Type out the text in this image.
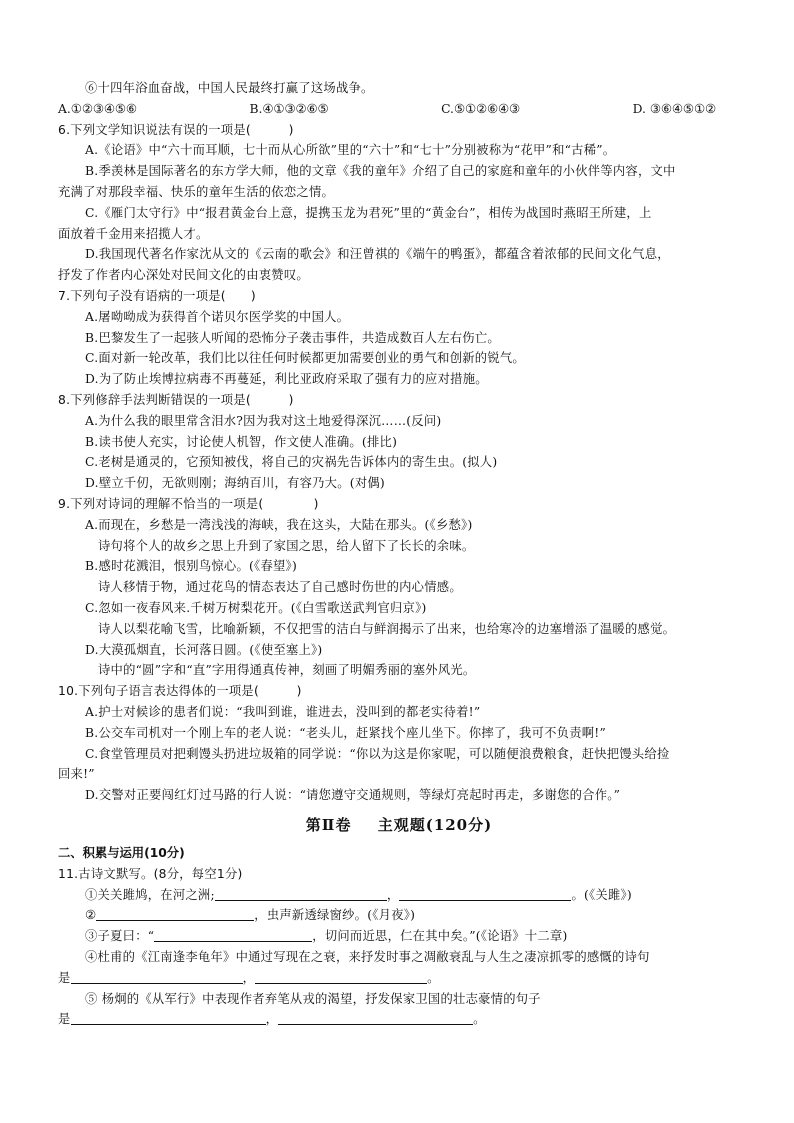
⑥十四年浴血奋战，中国人民最终打赢了这场战争。
A.①②③④⑤⑥	B.④①③②⑥⑤	C.⑤①②⑥④③	D. ③⑥④⑤①②
6.下列文学知识说法有误的一项是(　　　)
A.《论语》中“六十而耳顺，七十而从心所欲”里的“六十”和“七十”分别被称为“花甲”和“古稀”。
B.季羡林是国际著名的东方学大师，他的文章《我的童年》介绍了自己的家庭和童年的小伙伴等内容，文中
充满了对那段幸福、快乐的童年生活的依恋之情。
C.《雁门太守行》中“报君黄金台上意，提携玉龙为君死”里的“黄金台”，相传为战国时燕昭王所建，上
面放着千金用来招揽人才。
D.我国现代著名作家沈从文的《云南的歌会》和汪曾祺的《端午的鸭蛋》，都蕴含着浓郁的民间文化气息，
抒发了作者内心深处对民间文化的由衷赞叹。
7.下列句子没有语病的一项是(　　)
A.屠呦呦成为获得首个诺贝尔医学奖的中国人。
B.巴黎发生了一起骇人听闻的恐怖分子袭击事件，共造成数百人左右伤亡。
C.面对新一轮改革，我们比以往任何时候都更加需要创业的勇气和创新的锐气。
D.为了防止埃博拉病毒不再蔓延，利比亚政府采取了强有力的应对措施。
8.下列修辞手法判断错误的一项是(　　　)
A.为什么我的眼里常含泪水?因为我对这土地爱得深沉……(反问)
B.读书使人充实，讨论使人机智，作文使人准确。(排比)
C.老树是通灵的，它预知被伐，将自己的灾祸先告诉体内的寄生虫。(拟人)
D.壁立千仞，无欲则刚；海纳百川，有容乃大。(对偶)
9.下列对诗词的理解不恰当的一项是(　　　　)
A.而现在，乡愁是一湾浅浅的海峡，我在这头，大陆在那头。(《乡愁》)
诗句将个人的故乡之思上升到了家国之思，给人留下了长长的余味。
B.感时花溅泪，恨别鸟惊心。(《春望》)
诗人移情于物，通过花鸟的情态表达了自己感时伤世的内心情感。
C.忽如一夜春风来.千树万树梨花开。(《白雪歌送武判官归京》)
诗人以梨花喻飞雪，比喻新颖，不仅把雪的洁白与鲜润揭示了出来，也给寒冷的边塞增添了温暖的感觉。
D.大漠孤烟直，长河落日圆。(《使至塞上》)
诗中的“圆”字和“直”字用得通真传神，刻画了明媚秀丽的塞外风光。
10.下列句子语言表达得体的一项是(　　　)
A.护士对候诊的患者们说：“我叫到谁，谁进去，没叫到的都老实待着!”
B.公交车司机对一个刚上车的老人说：“老头儿，赶紧找个座儿坐下。你摔了，我可不负责啊!”
C.食堂管理员对把剩馒头扔进垃圾箱的同学说：“你以为这是你家呢，可以随便浪费粮食，赶快把馒头给捡
回来!”
D.交警对正要闯红灯过马路的行人说：“请您遵守交通规则，等绿灯亮起时再走，多谢您的合作。”
第Ⅱ卷 主观题(120分)
二、积累与运用(10分)
11.古诗文默写。(8分，每空1分)
①关关雎鸠，在河之洲;	，	。(《关雎》)
②	，虫声新透绿窗纱。(《月夜》)
③子夏曰：“	，切问而近思，仁在其中矣。”(《论语》十二章)
④杜甫的《江南逢李龟年》中通过写现在之衰，来抒发时事之凋敝衰乱与人生之凄凉抓零的感慨的诗句
是	，	。
⑤ 杨炯的《从军行》中表现作者弃笔从戎的渴望，抒发保家卫国的壮志豪情的句子
是	，	。
